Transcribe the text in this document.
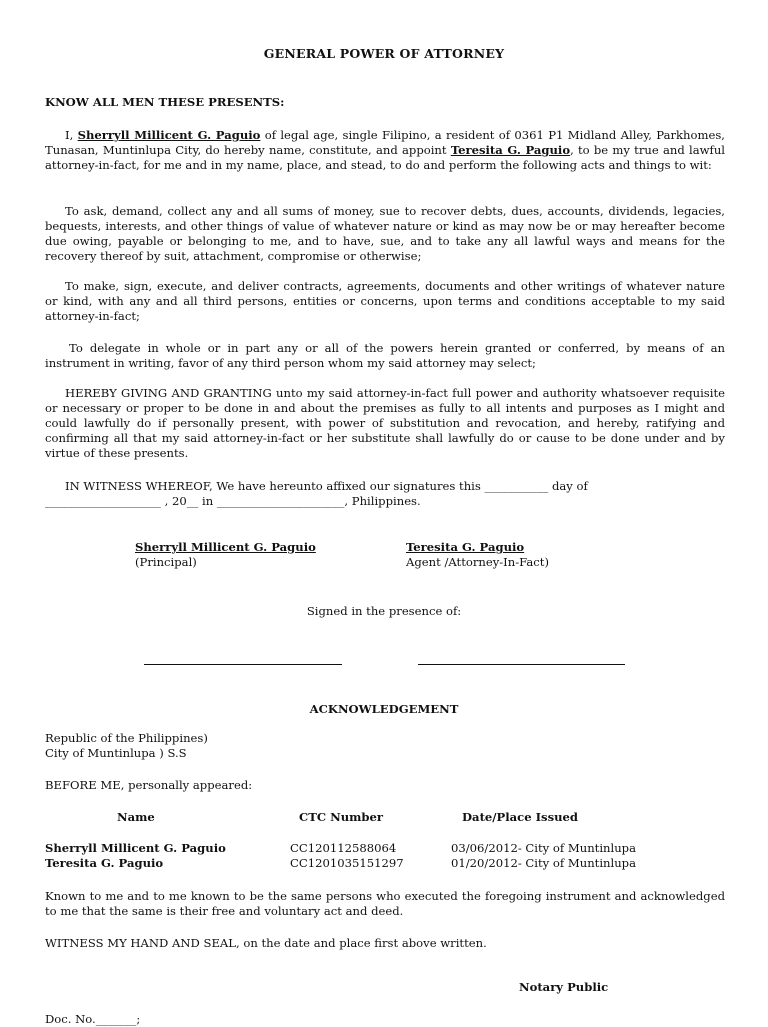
GENERAL POWER OF ATTORNEY
KNOW ALL MEN THESE PRESENTS:
I, Sherryll Millicent G. Paguio of legal age, single Filipino, a resident of 0361 P1 Midland Alley, Parkhomes, Tunasan, Muntinlupa City, do hereby name, constitute, and appoint Teresita G. Paguio, to be my true and lawful attorney-in-fact, for me and in my name, place, and stead, to do and perform the following acts and things to wit:
To ask, demand, collect any and all sums of money, sue to recover debts, dues, accounts, dividends, legacies, bequests, interests, and other things of value of whatever nature or kind as may now be or may hereafter become due owing, payable or belonging to me, and to have, sue, and to take any all lawful ways and means for the recovery thereof by suit, attachment, compromise or otherwise;
To make, sign, execute, and deliver contracts, agreements, documents and other writings of whatever nature or kind, with any and all third persons, entities or concerns, upon terms and conditions acceptable to my said attorney-in-fact;
To delegate in whole or in part any or all of the powers herein granted or conferred, by means of an instrument in writing, favor of any third person whom my said attorney may select;
HEREBY GIVING AND GRANTING unto my said attorney-in-fact full power and authority whatsoever requisite or necessary or proper to be done in and about the premises as fully to all intents and purposes as I might and could lawfully do if personally present, with power of substitution and revocation, and hereby, ratifying and confirming all that my said attorney-in-fact or her substitute shall lawfully do or cause to be done under and by virtue of these presents.
IN WITNESS WHEREOF, We have hereunto affixed our signatures this ___________ day of
____________________ , 20__ in ______________________, Philippines.
Sherryll Millicent G. Paguio
(Principal)
Teresita G. Paguio
Agent /Attorney-In-Fact)
Signed in the presence of:
ACKNOWLEDGEMENT
Republic of the Philippines)
City of Muntinlupa ) S.S
BEFORE ME, personally appeared:
Name	CTC Number	Date/Place Issued
Sherryll Millicent G. Paguio	CC120112588064	03/06/2012- City of Muntinlupa
Teresita G. Paguio	CC1201035151297	01/20/2012- City of Muntinlupa
Known to me and to me known to be the same persons who executed the foregoing instrument and acknowledged to me that the same is their free and voluntary act and deed.
WITNESS MY HAND AND SEAL, on the date and place first above written.
Notary Public
Doc. No._______;
